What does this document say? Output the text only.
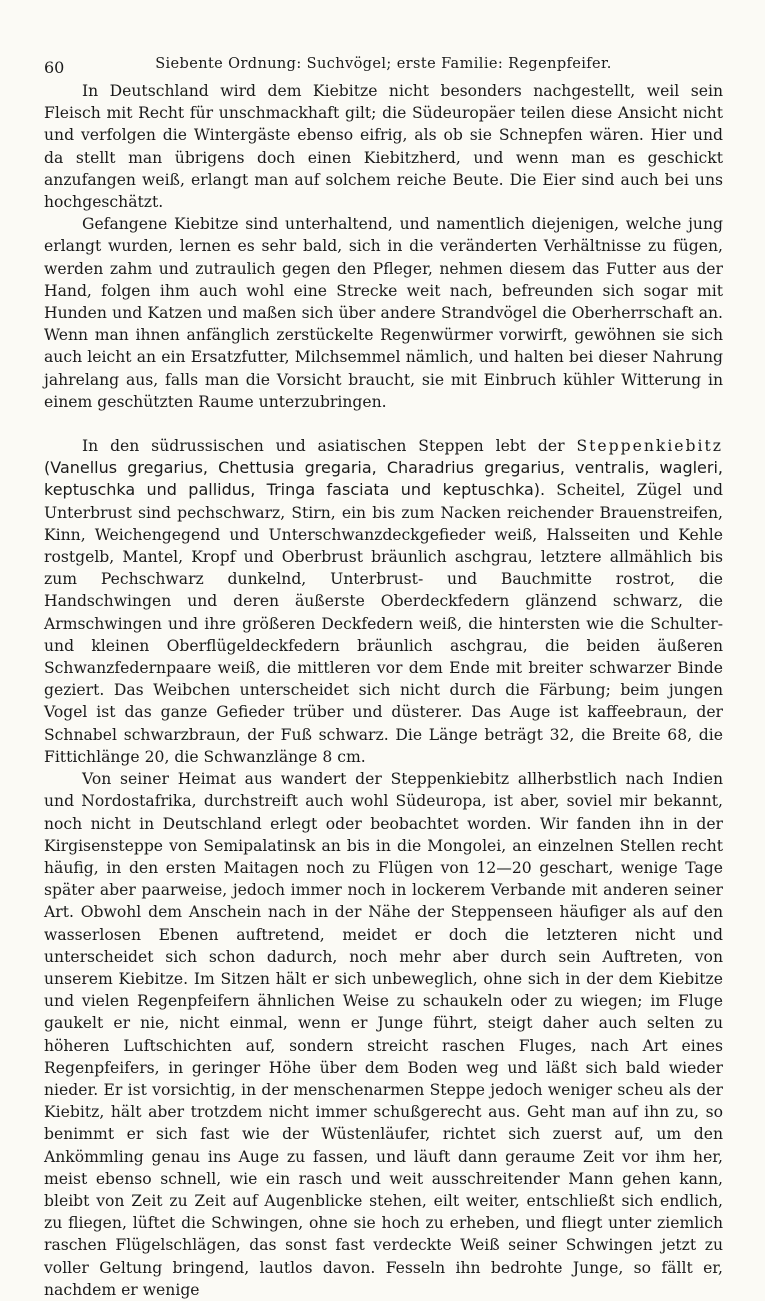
60	Siebente Ordnung: Suchvögel; erste Familie: Regenpfeifer.

In Deutschland wird dem Kiebitze nicht besonders nachgestellt, weil sein Fleisch mit Recht für unschmackhaft gilt; die Südeuropäer teilen diese Ansicht nicht und verfolgen die Wintergäste ebenso eifrig, als ob sie Schnepfen wären. Hier und da stellt man übrigens doch einen Kiebitzherd, und wenn man es geschickt anzufangen weiß, erlangt man auf solchem reiche Beute. Die Eier sind auch bei uns hochgeschätzt.

Gefangene Kiebitze sind unterhaltend, und namentlich diejenigen, welche jung erlangt wurden, lernen es sehr bald, sich in die veränderten Verhältnisse zu fügen, werden zahm und zutraulich gegen den Pfleger, nehmen diesem das Futter aus der Hand, folgen ihm auch wohl eine Strecke weit nach, befreunden sich sogar mit Hunden und Katzen und maßen sich über andere Strandvögel die Oberherrschaft an. Wenn man ihnen anfänglich zerstückelte Regenwürmer vorwirft, gewöhnen sie sich auch leicht an ein Ersatzfutter, Milchsemmel nämlich, und halten bei dieser Nahrung jahrelang aus, falls man die Vorsicht braucht, sie mit Einbruch kühler Witterung in einem geschützten Raume unterzubringen.

In den südrussischen und asiatischen Steppen lebt der Steppenkiebitz (Vanellus gregarius, Chettusia gregaria, Charadrius gregarius, ventralis, wagleri, keptuschka und pallidus, Tringa fasciata und keptuschka). Scheitel, Zügel und Unterbrust sind pechschwarz, Stirn, ein bis zum Nacken reichender Brauenstreifen, Kinn, Weichengegend und Unterschwanzdeckgefieder weiß, Halsseiten und Kehle rostgelb, Mantel, Kropf und Oberbrust bräunlich aschgrau, letztere allmählich bis zum Pechschwarz dunkelnd, Unterbrust- und Bauchmitte rostrot, die Handschwingen und deren äußerste Oberdeckfedern glänzend schwarz, die Armschwingen und ihre größeren Deckfedern weiß, die hintersten wie die Schulter- und kleinen Oberflügeldeckfedern bräunlich aschgrau, die beiden äußeren Schwanzfedernpaare weiß, die mittleren vor dem Ende mit breiter schwarzer Binde geziert. Das Weibchen unterscheidet sich nicht durch die Färbung; beim jungen Vogel ist das ganze Gefieder trüber und düsterer. Das Auge ist kaffeebraun, der Schnabel schwarzbraun, der Fuß schwarz. Die Länge beträgt 32, die Breite 68, die Fittichlänge 20, die Schwanzlänge 8 cm.

Von seiner Heimat aus wandert der Steppenkiebitz allherbstlich nach Indien und Nordostafrika, durchstreift auch wohl Südeuropa, ist aber, soviel mir bekannt, noch nicht in Deutschland erlegt oder beobachtet worden. Wir fanden ihn in der Kirgisensteppe von Semipalatinsk an bis in die Mongolei, an einzelnen Stellen recht häufig, in den ersten Maitagen noch zu Flügen von 12—20 geschart, wenige Tage später aber paarweise, jedoch immer noch in lockerem Verbande mit anderen seiner Art. Obwohl dem Anschein nach in der Nähe der Steppenseen häufiger als auf den wasserlosen Ebenen auftretend, meidet er doch die letzteren nicht und unterscheidet sich schon dadurch, noch mehr aber durch sein Auftreten, von unserem Kiebitze. Im Sitzen hält er sich unbeweglich, ohne sich in der dem Kiebitze und vielen Regenpfeifern ähnlichen Weise zu schaukeln oder zu wiegen; im Fluge gaukelt er nie, nicht einmal, wenn er Junge führt, steigt daher auch selten zu höheren Luftschichten auf, sondern streicht raschen Fluges, nach Art eines Regenpfeifers, in geringer Höhe über dem Boden weg und läßt sich bald wieder nieder. Er ist vorsichtig, in der menschenarmen Steppe jedoch weniger scheu als der Kiebitz, hält aber trotzdem nicht immer schußgerecht aus. Geht man auf ihn zu, so benimmt er sich fast wie der Wüstenläufer, richtet sich zuerst auf, um den Ankömmling genau ins Auge zu fassen, und läuft dann geraume Zeit vor ihm her, meist ebenso schnell, wie ein rasch und weit ausschreitender Mann gehen kann, bleibt von Zeit zu Zeit auf Augenblicke stehen, eilt weiter, entschließt sich endlich, zu fliegen, lüftet die Schwingen, ohne sie hoch zu erheben, und fliegt unter ziemlich raschen Flügelschlägen, das sonst fast verdeckte Weiß seiner Schwingen jetzt zu voller Geltung bringend, lautlos davon. Fesseln ihn bedrohte Junge, so fällt er, nachdem er wenige
